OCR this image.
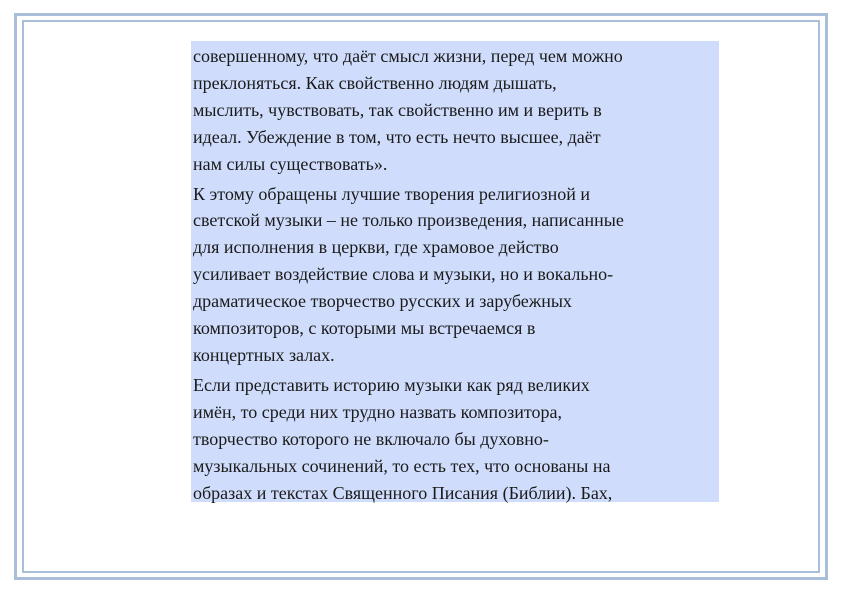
совершенному, что даёт смысл жизни, перед чем можно
преклоняться. Как свойственно людям дышать,
мыслить, чувствовать, так свойственно им и верить в
идеал. Убеждение в том, что есть нечто высшее, даёт
нам силы существовать».

К этому обращены лучшие творения религиозной и
светской музыки – не только произведения, написанные
для исполнения в церкви, где храмовое действо
усиливает воздействие слова и музыки, но и вокально-
драматическое творчество русских и зарубежных
композиторов, с которыми мы встречаемся в
концертных залах.

Если представить историю музыки как ряд великих
имён, то среди них трудно назвать композитора,
творчество которого не включало бы духовно-
музыкальных сочинений, то есть тех, что основаны на
образах и текстах Священного Писания (Библии). Бах,
